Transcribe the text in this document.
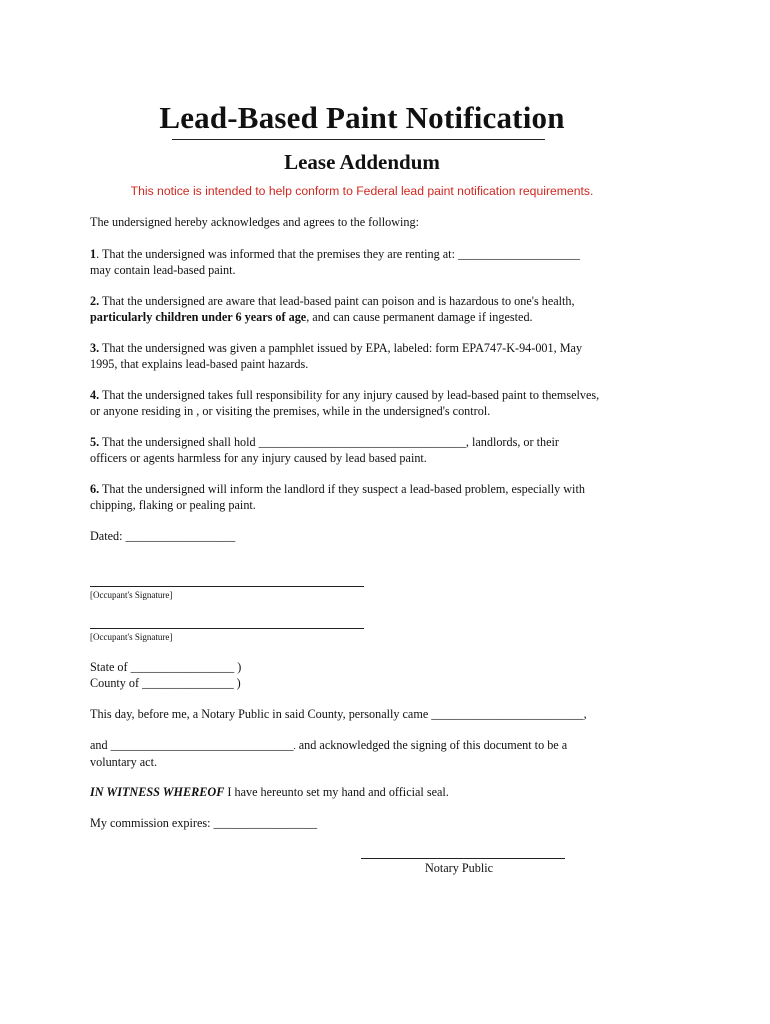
Lead-Based Paint Notification
Lease Addendum
This notice is intended to help conform to Federal lead paint notification requirements.
The undersigned hereby acknowledges and agrees to the following:
1. That the undersigned was informed that the premises they are renting at: ____________________
may contain lead-based paint.
2. That the undersigned are aware that lead-based paint can poison and is hazardous to one's health,
particularly children under 6 years of age, and can cause permanent damage if ingested.
3. That the undersigned was given a pamphlet issued by EPA, labeled: form EPA747-K-94-001, May
1995, that explains lead-based paint hazards.
4. That the undersigned takes full responsibility for any injury caused by lead-based paint to themselves,
or anyone residing in , or visiting the premises, while in the undersigned's control.
5. That the undersigned shall hold __________________________________, landlords, or their
officers or agents harmless for any injury caused by lead based paint.
6. That the undersigned will inform the landlord if they suspect a lead-based problem, especially with
chipping, flaking or pealing paint.
Dated: __________________
[Occupant's Signature]
[Occupant's Signature]
State of _________________ )
County of _______________ )
This day, before me, a Notary Public in said County, personally came _________________________,
and ______________________________. and acknowledged the signing of this document to be a
voluntary act.
IN WITNESS WHEREOF I have hereunto set my hand and official seal.
My commission expires: _________________
Notary Public
